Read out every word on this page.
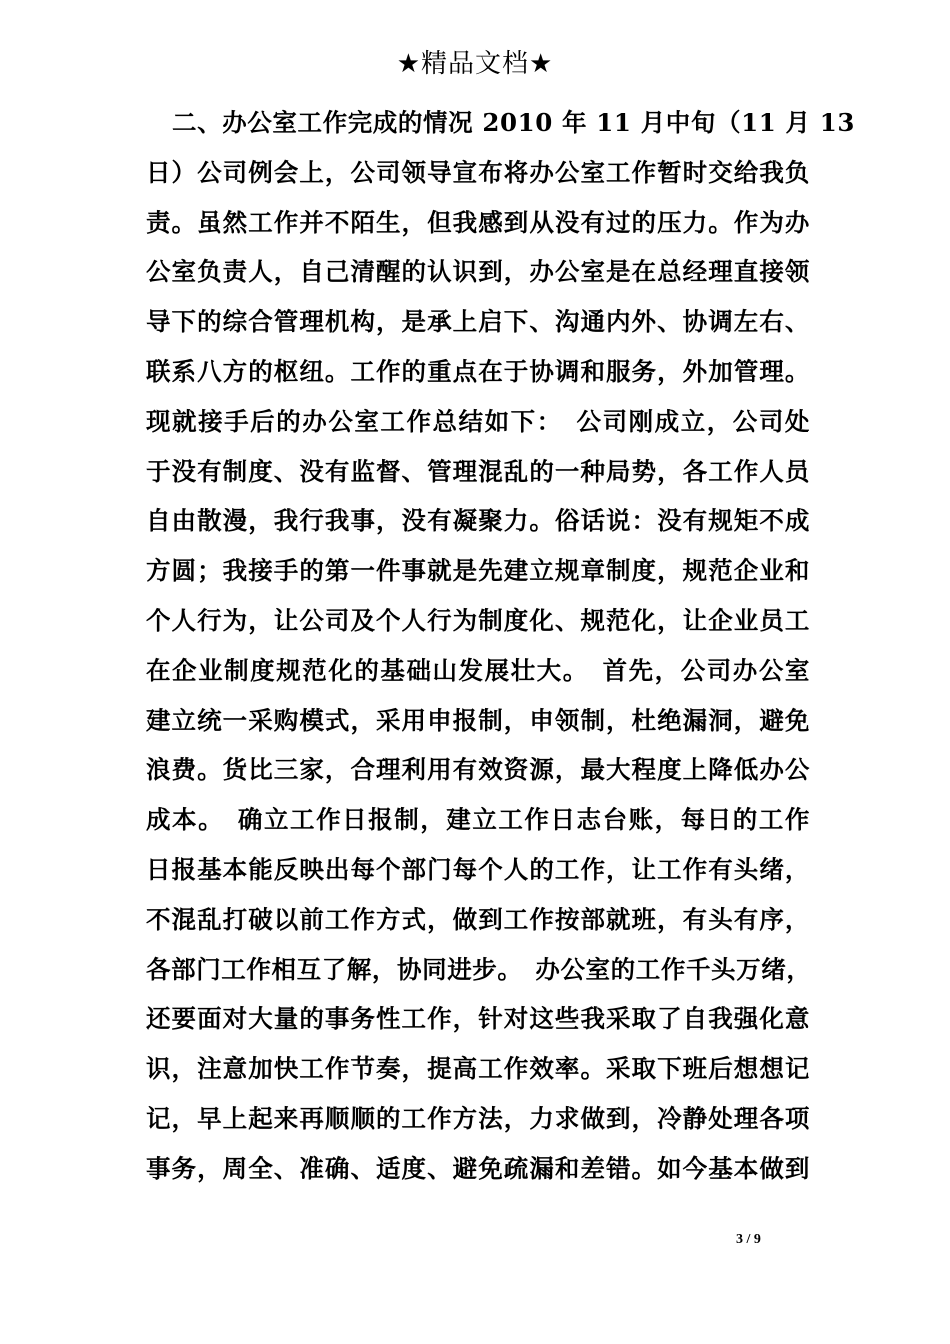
★精品文档★
二、办公室工作完成的情况 2010 年 11 月中旬（11 月 13
日）公司例会上，公司领导宣布将办公室工作暂时交给我负
责。虽然工作并不陌生，但我感到从没有过的压力。作为办
公室负责人，自己清醒的认识到，办公室是在总经理直接领
导下的综合管理机构，是承上启下、沟通内外、协调左右、
联系八方的枢纽。工作的重点在于协调和服务，外加管理。
现就接手后的办公室工作总结如下：　公司刚成立，公司处
于没有制度、没有监督、管理混乱的一种局势，各工作人员
自由散漫，我行我事，没有凝聚力。俗话说：没有规矩不成
方圆；我接手的第一件事就是先建立规章制度，规范企业和
个人行为，让公司及个人行为制度化、规范化，让企业员工
在企业制度规范化的基础山发展壮大。　首先，公司办公室
建立统一采购模式，采用申报制，申领制，杜绝漏洞，避免
浪费。货比三家，合理利用有效资源，最大程度上降低办公
成本。　确立工作日报制，建立工作日志台账，每日的工作
日报基本能反映出每个部门每个人的工作，让工作有头绪，
不混乱打破以前工作方式，做到工作按部就班，有头有序，
各部门工作相互了解，协同进步。　办公室的工作千头万绪，
还要面对大量的事务性工作，针对这些我采取了自我强化意
识，注意加快工作节奏，提高工作效率。采取下班后想想记
记，早上起来再顺顺的工作方法，力求做到，冷静处理各项
事务，周全、准确、适度、避免疏漏和差错。如今基本做到
3 / 9
